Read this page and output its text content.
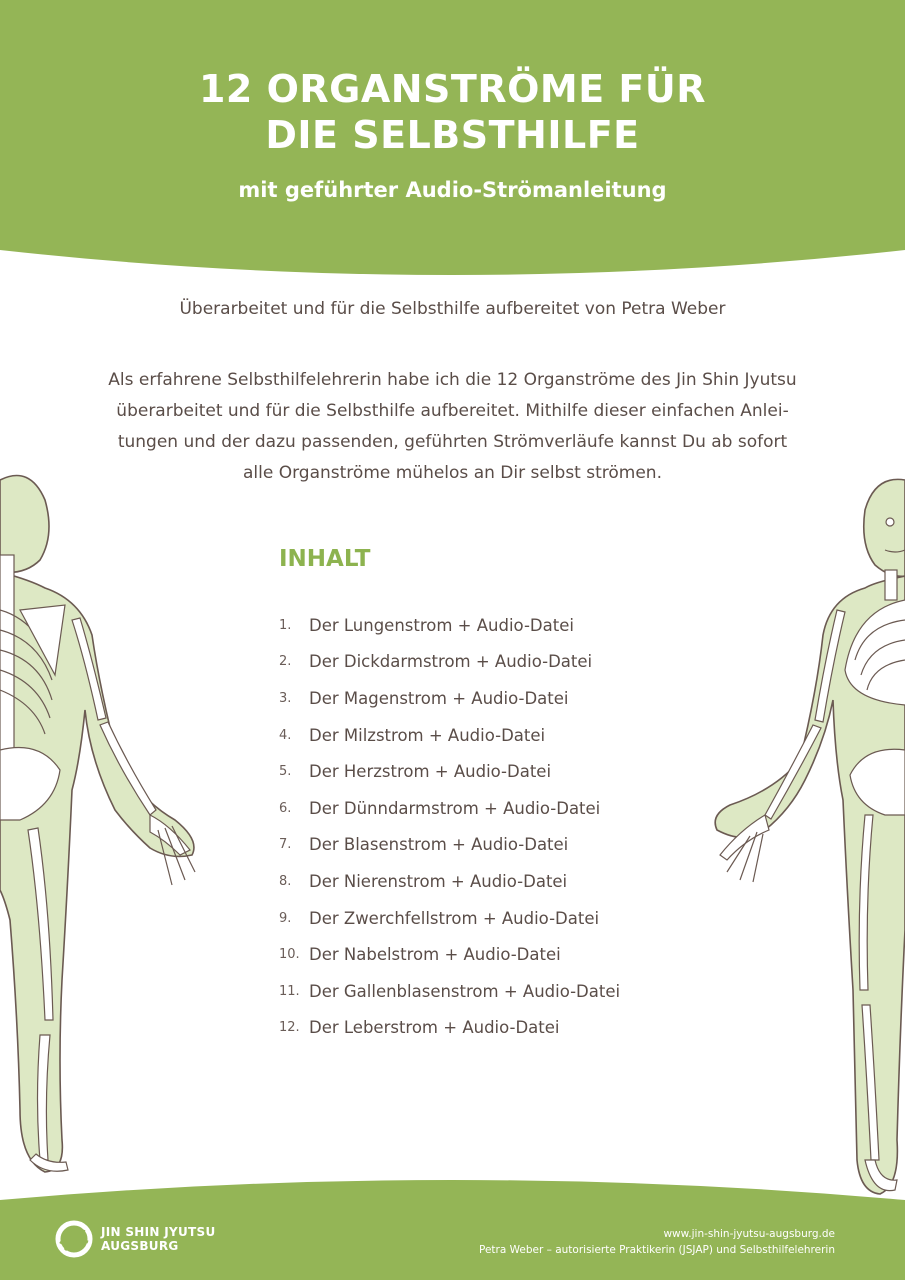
12 ORGANSTRÖME FÜR
DIE SELBSTHILFE
mit geführter Audio-Strömanleitung
Überarbeitet und für die Selbsthilfe aufbereitet von Petra Weber
Als erfahrene Selbsthilfelehrerin habe ich die 12 Organströme des Jin Shin Jyutsu
überarbeitet und für die Selbsthilfe aufbereitet. Mithilfe dieser einfachen Anlei-
tungen und der dazu passenden, geführten Strömverläufe kannst Du ab sofort
alle Organströme mühelos an Dir selbst strömen.
INHALT
1.	Der Lungenstrom + Audio-Datei
2.	Der Dickdarmstrom + Audio-Datei
3.	Der Magenstrom + Audio-Datei
4.	Der Milzstrom + Audio-Datei
5.	Der Herzstrom + Audio-Datei
6.	Der Dünndarmstrom + Audio-Datei
7.	Der Blasenstrom + Audio-Datei
8.	Der Nierenstrom + Audio-Datei
9.	Der Zwerchfellstrom + Audio-Datei
10. Der Nabelstrom + Audio-Datei
11. Der Gallenblasenstrom + Audio-Datei
12. Der Leberstrom + Audio-Datei
JIN SHIN JYUTSU
AUGSBURG
www.jin-shin-jyutsu-augsburg.de
Petra Weber – autorisierte Praktikerin (JSJAP) und Selbsthilfelehrerin
